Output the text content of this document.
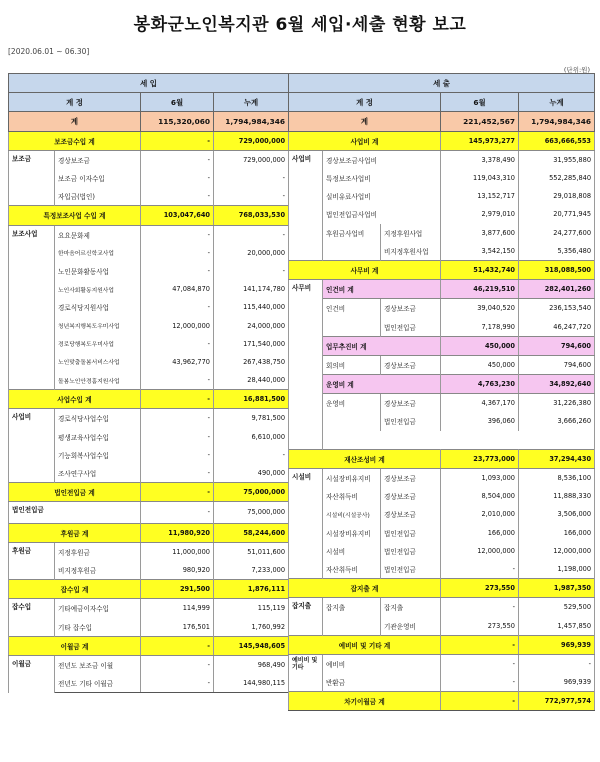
봉화군노인복지관 6월 세입·세출 현황 보고
[2020.06.01 ~ 06.30]
(단위:원)
세 입			
계 정		6월	누계
계		115,320,060	1,794,984,346
보조금수입 계		-	729,000,000
보조금	경상보조금	-	729,000,000
	보조금 이자수입	-	-
	자입금(법인)	-	-
특정보조사업 수입 계		103,047,640	768,033,530
보조사업	요요문화제	-	-
	한마음어르신학교사업	-	20,000,000
	노인문화활동사업	-	-
	노인사회활동지원사업	47,084,870	141,174,780
	경로식당지원사업	-	115,440,000
	청년복지행복도우미사업	12,000,000	24,000,000
	경로당행복도우미사업	-	171,540,000
	노인맞춤돌봄서비스사업	43,962,770	267,438,750
	돌봄노인안경홈지원사업	-	28,440,000
사업수입 계		-	16,881,500
사업비	경로식당사업수입	-	9,781,500
	평생교육사업수입	-	6,610,000
	기능회복사업수입	-	-
	조사연구사업	-	490,000
법인전입금 계		-	75,000,000
법인전입금		-	75,000,000
후원금 계		11,980,920	58,244,600
후원금	지정후원금	11,000,000	51,011,600
	비지정후원금	980,920	7,233,000
잡수입 계		291,500	1,876,111
잡수입	기타예금이자수입	114,999	115,119
	기타 잡수입	176,501	1,760,992
이월금 계		-	145,948,605
이월금	전년도 보조금 이월	-	968,490
	전년도 기타 이월금	-	144,980,115
세 출				
계 정			6월	누계
계			221,452,567	1,794,984,346
사업비 계			145,973,277	663,666,553
사업비	경상보조금사업비		3,378,490	31,955,880
	특정보조사업비		119,043,310	552,285,840
	실비유료사업비		13,152,717	29,018,808
	법인전입금사업비		2,979,010	20,771,945
	후원금사업비	지정후원사업	3,877,600	24,277,600
		비지정후원사업	3,542,150	5,356,480
사무비 계			51,432,740	318,088,500
사무비	인건비 계		46,219,510	282,401,260
	인건비	경상보조금	39,040,520	236,153,540
		법인전입금	7,178,990	46,247,720
	업무추진비 계		450,000	794,600
	회의비	경상보조금	450,000	794,600
	운영비 계		4,763,230	34,892,640
	운영비	경상보조금	4,367,170	31,226,380
		법인전입금	396,060	3,666,260

재산조성비 계			23,773,000	37,294,430
시설비	시설장비유지비	경상보조금	1,093,000	8,536,100
	자산취득비	경상보조금	8,504,000	11,888,330
	시설비(시설공사)	경상보조금	2,010,000	3,506,000
	시설장비유지비	법인전입금	166,000	166,000
	시설비	법인전입금	12,000,000	12,000,000
	자산취득비	법인전입금	-	1,198,000
잡지출 계			273,550	1,987,350
잡지출	잡지출	잡지출	-	529,500
		기관운영비	273,550	1,457,850
예비비 및 기타 계			-	969,939
예비비 및기타	예비비		-	-
	반환금		-	969,939
차기이월금 계			-	772,977,574
